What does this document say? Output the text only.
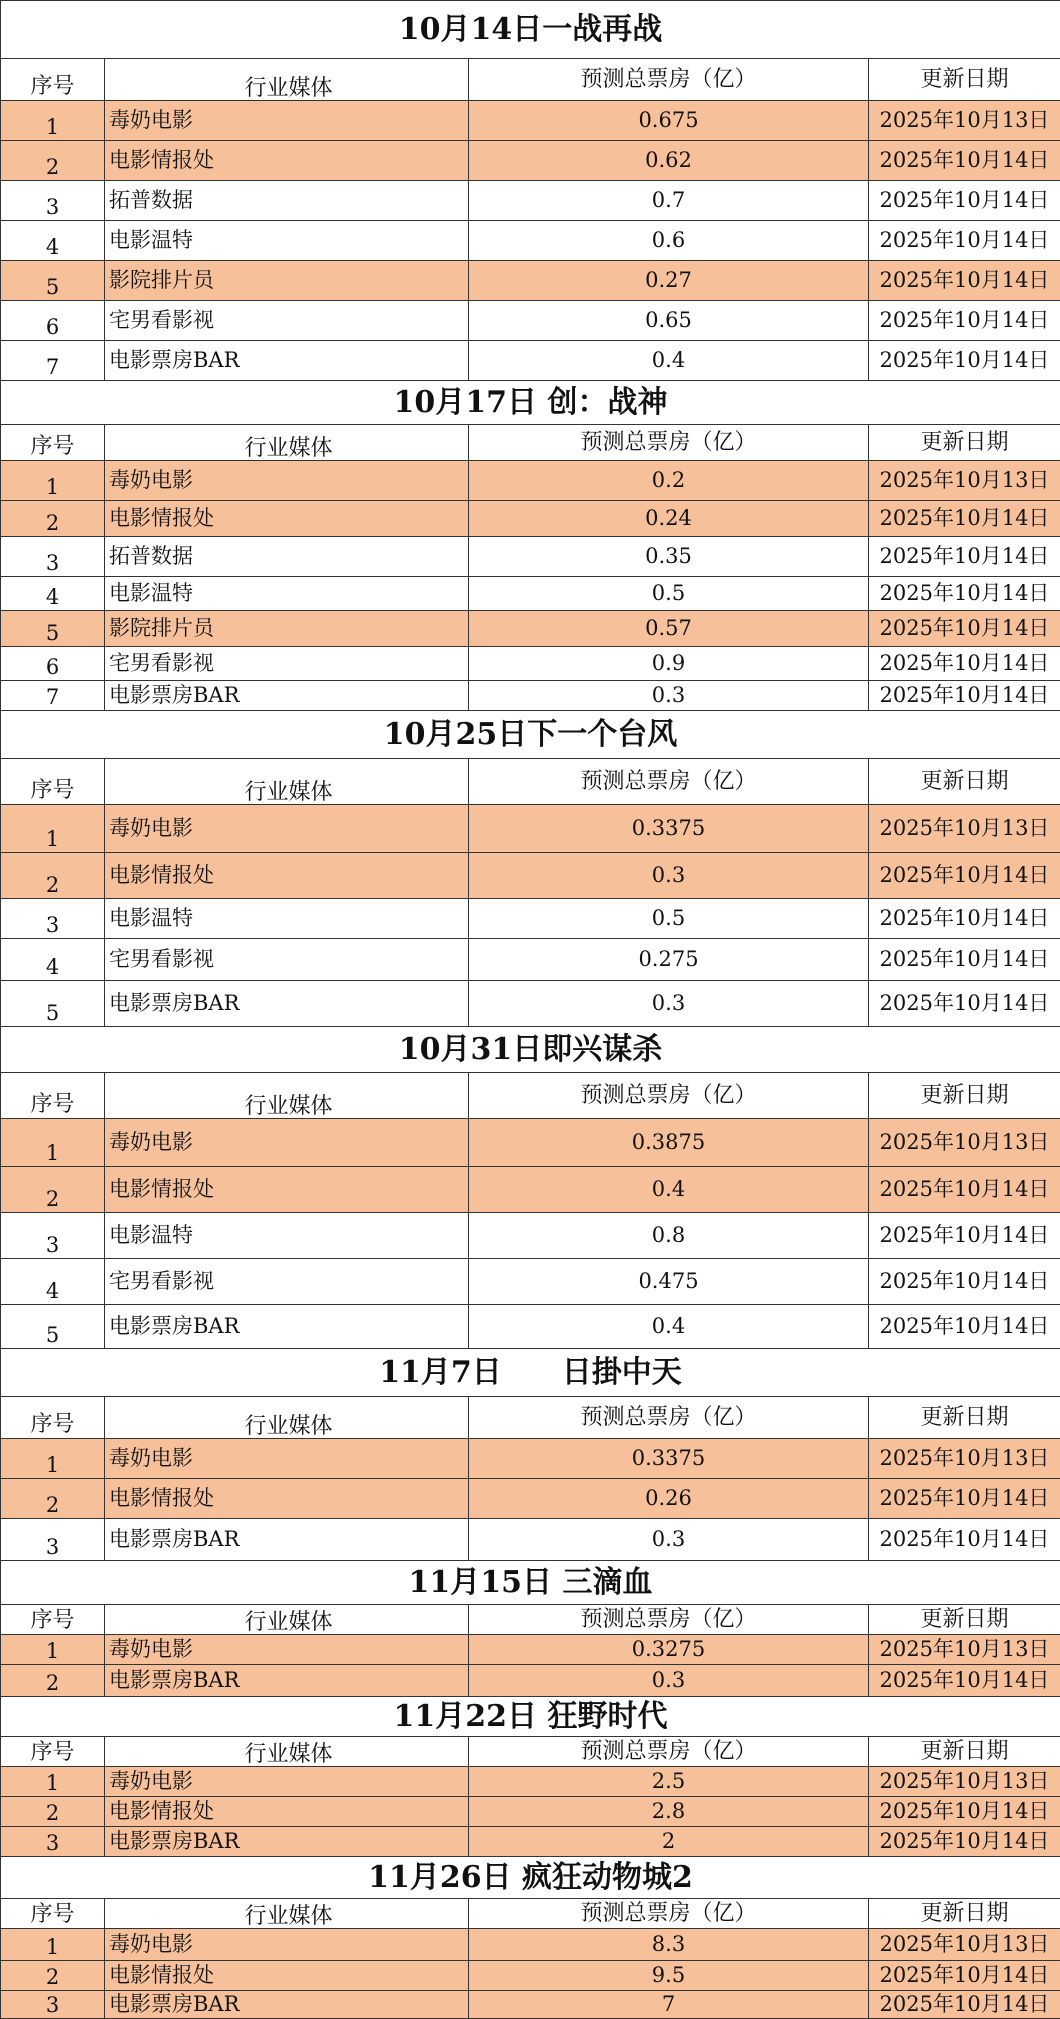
10月14日一战再战			
序号	行业媒体	预测总票房（亿）	更新日期
1	毒奶电影	0.675	2025年10月13日
2	电影情报处	0.62	2025年10月14日
3	拓普数据	0.7	2025年10月14日
4	电影温特	0.6	2025年10月14日
5	影院排片员	0.27	2025年10月14日
6	宅男看影视	0.65	2025年10月14日
7	电影票房BAR	0.4	2025年10月14日
10月17日 创：战神			
序号	行业媒体	预测总票房（亿）	更新日期
1	毒奶电影	0.2	2025年10月13日
2	电影情报处	0.24	2025年10月14日
3	拓普数据	0.35	2025年10月14日
4	电影温特	0.5	2025年10月14日
5	影院排片员	0.57	2025年10月14日
6	宅男看影视	0.9	2025年10月14日
7	电影票房BAR	0.3	2025年10月14日
10月25日下一个台风			
序号	行业媒体	预测总票房（亿）	更新日期
1	毒奶电影	0.3375	2025年10月13日
2	电影情报处	0.3	2025年10月14日
3	电影温特	0.5	2025年10月14日
4	宅男看影视	0.275	2025年10月14日
5	电影票房BAR	0.3	2025年10月14日
10月31日即兴谋杀			
序号	行业媒体	预测总票房（亿）	更新日期
1	毒奶电影	0.3875	2025年10月13日
2	电影情报处	0.4	2025年10月14日
3	电影温特	0.8	2025年10月14日
4	宅男看影视	0.475	2025年10月14日
5	电影票房BAR	0.4	2025年10月14日
11月7日　　日掛中天			
序号	行业媒体	预测总票房（亿）	更新日期
1	毒奶电影	0.3375	2025年10月13日
2	电影情报处	0.26	2025年10月14日
3	电影票房BAR	0.3	2025年10月14日
11月15日 三滴血			
序号	行业媒体	预测总票房（亿）	更新日期
1	毒奶电影	0.3275	2025年10月13日
2	电影票房BAR	0.3	2025年10月14日
11月22日 狂野时代			
序号	行业媒体	预测总票房（亿）	更新日期
1	毒奶电影	2.5	2025年10月13日
2	电影情报处	2.8	2025年10月14日
3	电影票房BAR	2	2025年10月14日
11月26日 疯狂动物城2			
序号	行业媒体	预测总票房（亿）	更新日期
1	毒奶电影	8.3	2025年10月13日
2	电影情报处	9.5	2025年10月14日
3	电影票房BAR	7	2025年10月14日
